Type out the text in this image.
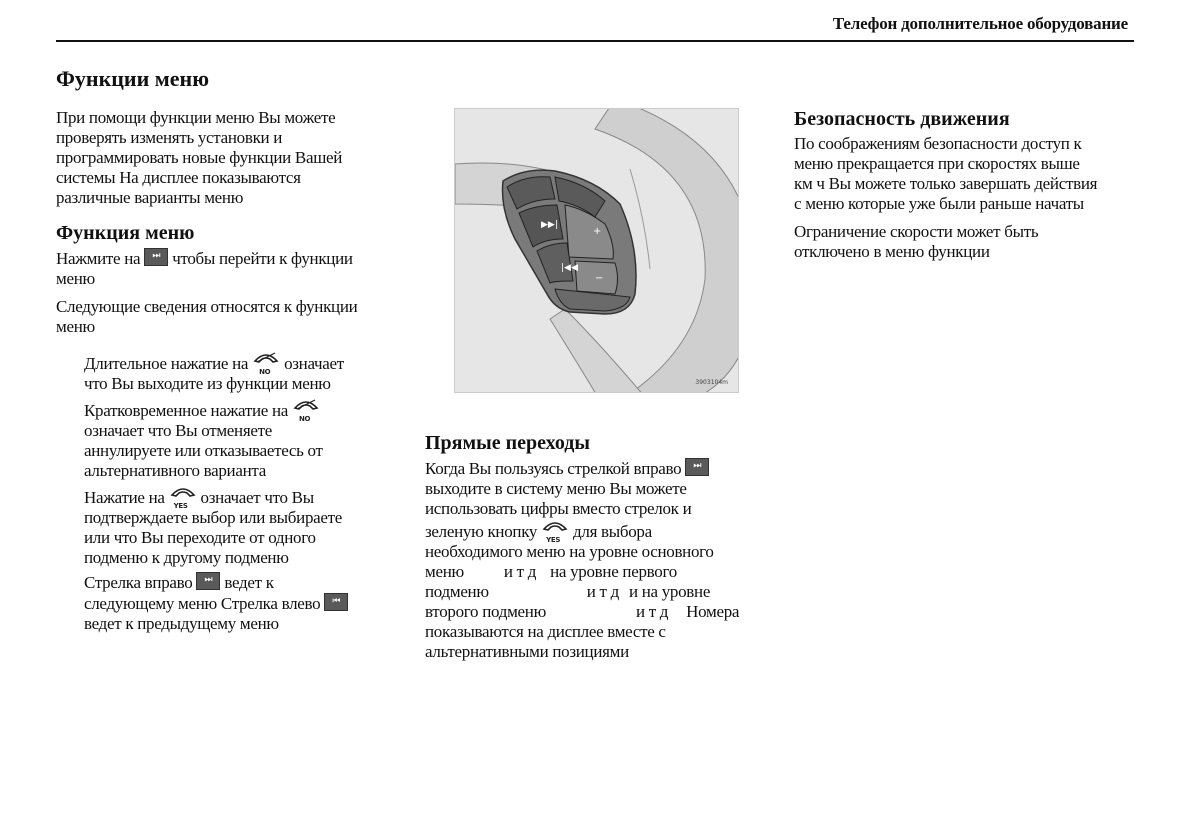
Телефон дополнительное оборудование
Функции меню

При помощи функции меню Вы можете

проверять изменять установки и

программировать новые функции Вашей

системы На дисплее показываются

различные варианты меню

Функция меню

Нажмите на	⏭ чтобы перейти к функции

меню

Следующие сведения относятся к функции

меню

Длительное нажатие на NO означает

что Вы выходите из функции меню

Кратковременное нажатие на NO

означает что Вы отменяете

аннулируете или отказываетесь от

альтернативного варианта

Нажатие на YES означает что Вы

подтверждаете выбор или выбираете

или что Вы переходите от одного

подменю к другому подменю

Стрелка вправо	⏭ ведет к

следующему меню Стрелка влево	⏮

ведет к предыдущему меню

▶▶|
|◀◀
+
−
3903104m
Прямые переходы

Когда Вы пользуясь стрелкой вправо	⏭

выходите в систему меню Вы можете

использовать цифры вместо стрелок и

зеленую кнопку YES для выбора

необходимого меню на уровне основного

меню и т д на уровне первого

подменю	и т д и на уровне

второго подменю	и т д Номера

показываются на дисплее вместе с

альтернативными позициями

Безопасность движения

По соображениям безопасности доступ к

меню прекращается при скоростях выше

км ч Вы можете только завершать действия

с меню которые уже были раньше начаты

Ограничение скорости может быть

отключено в меню функции
